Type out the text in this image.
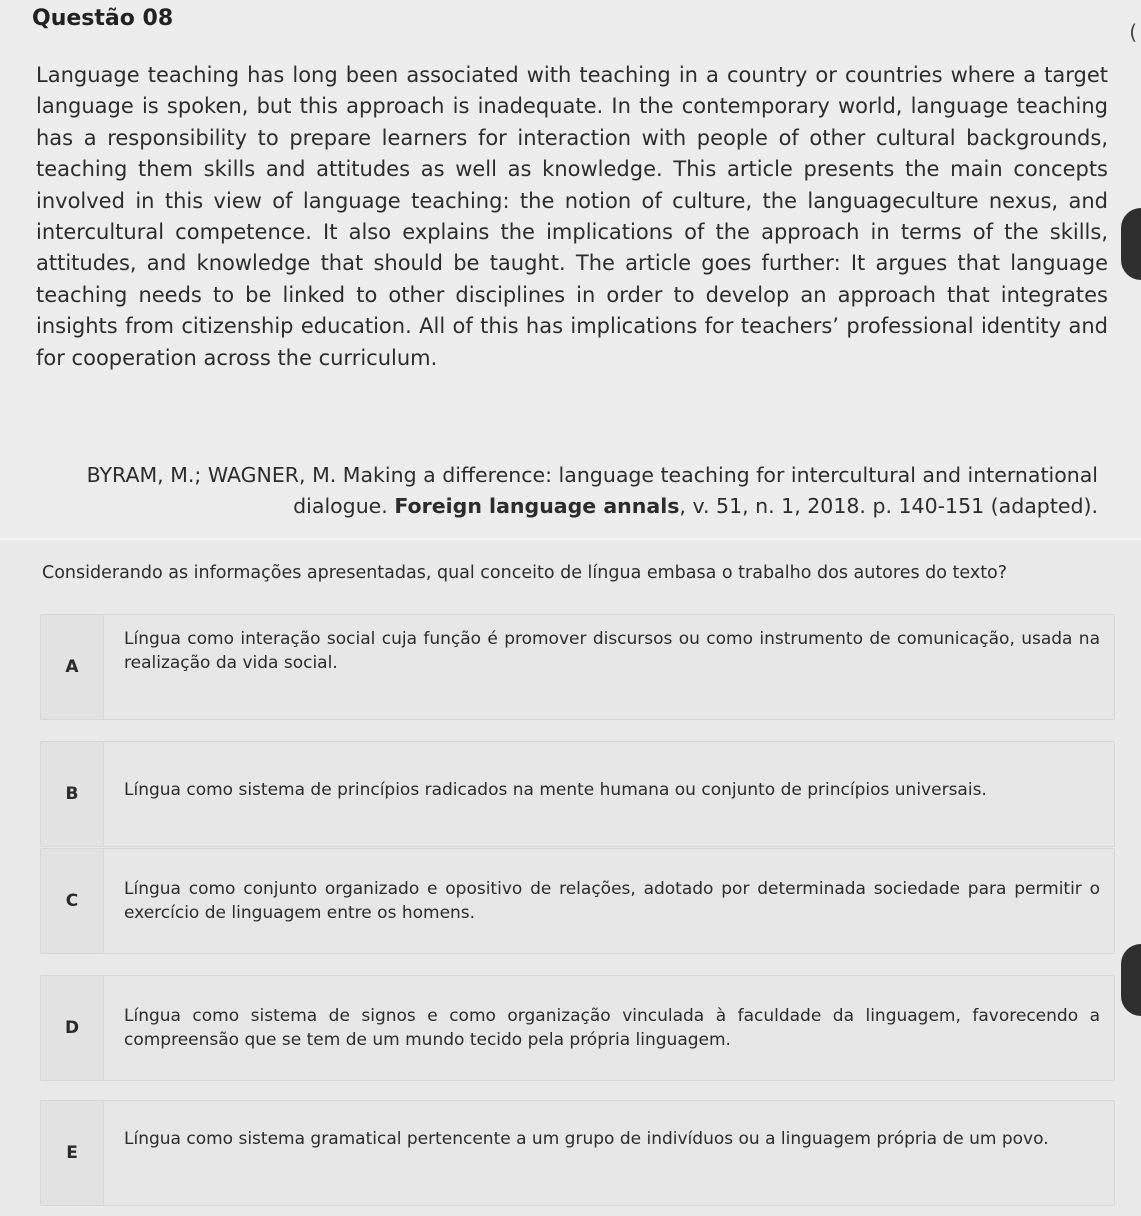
Questão 08
(

Language teaching has long been associated with teaching in a country or countries where a target language is spoken, but this approach is inadequate. In the contemporary world, language teaching has a responsibility to prepare learners for interaction with people of other cultural backgrounds, teaching them skills and attitudes as well as knowledge. This article presents the main concepts involved in this view of language teaching: the notion of culture, the languageculture nexus, and intercultural competence. It also explains the implications of the approach in terms of the skills, attitudes, and knowledge that should be taught. The article goes further: It argues that language teaching needs to be linked to other disciplines in order to develop an approach that integrates insights from citizenship education. All of this has implications for teachers’ professional identity and for cooperation across the curriculum.

BYRAM, M.; WAGNER, M. Making a difference: language teaching for intercultural and international dialogue. Foreign language annals, v. 51, n. 1, 2018. p. 140-151 (adapted).

Considerando as informações apresentadas, qual conceito de língua embasa o trabalho dos autores do texto?
A
Língua como interação social cuja função é promover discursos ou como instrumento de comunicação, usada na realização da vida social.
B	Língua como sistema de princípios radicados na mente humana ou conjunto de princípios universais.
C
Língua como conjunto organizado e opositivo de relações, adotado por determinada sociedade para permitir o exercício de linguagem entre os homens.
D
Língua como sistema de signos e como organização vinculada à faculdade da linguagem, favorecendo a compreensão que se tem de um mundo tecido pela própria linguagem.
E
Língua como sistema gramatical pertencente a um grupo de indivíduos ou a linguagem própria de um povo.
